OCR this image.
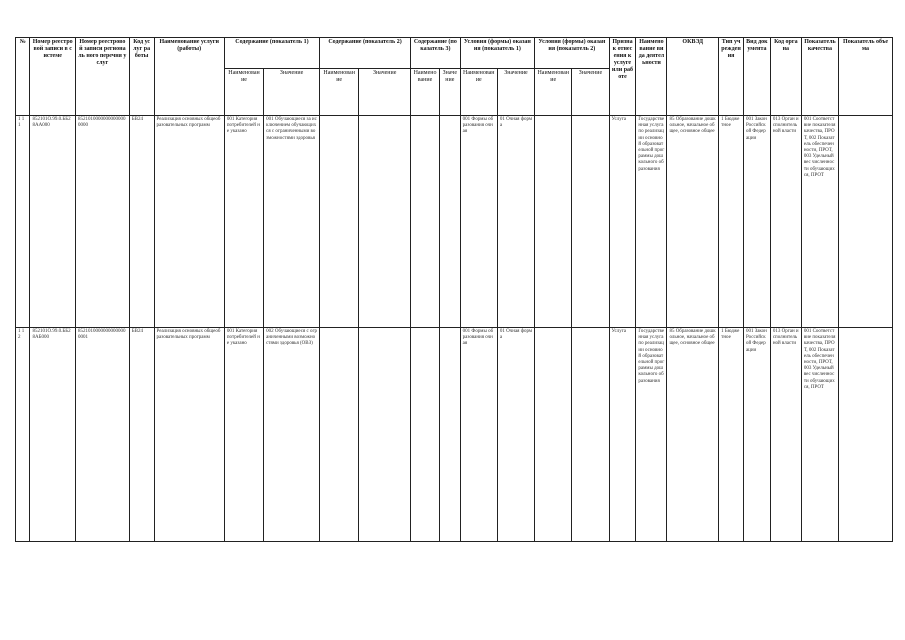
№	Номер реестровой записи в системе	Номер реестровой записи региональ ного перечня услуг	Код услуг работы	Наименование услуги (работы)	Содержание (показатель 1)		Содержание (показатель 2)		Содержание (показатель 3)		Условия (формы) оказания (показатель 1)		Условия (формы) оказания (показатель 2)		Признак отнесения к услуге или работе	Наименование вида деятельности	ОКВЭД	Тип учреждения	Вид документа	Код органа	Показатель качества	Показатель объема
					Наименование	Значение	Наименование	Значение	Наименование	Значение	Наименование	Значение	Наименование	Значение								
1 1 1	852101О.99.0.ББ28АА000	85210100000000000000000	БВ24	Реализация основных общеобразовательных программ	001 Категория потребителей не указано	001 Обучающиеся за исключением обучающихся с ограниченными возможностями здоровья					001 Формы образования очная	01 Очная форма			Услуга	Государственная услуга по реализации основной образовательной программы дошкольного образования	85 Образование дошкольное, начальное общее, основное общее	1 Бюджетное	001 Закон Российской Федерации	013 Орган исполнительной власти	001 Соответствие показателя качества, ПРОТ, 002 Показатель обеспеченности, ПРОТ, 003 Удельный вес численности обучающихся, ПРОТ	
1 1 2	852101О.99.0.ББ28АБ000	85210100000000000000001	БВ24	Реализация основных общеобразовательных программ	001 Категория потребителей не указано	002 Обучающиеся с ограниченными возможностями здоровья (ОВЗ)					001 Формы образования очная	01 Очная форма			Услуга	Государственная услуга по реализации основной образовательной программы дошкольного образования	85 Образование дошкольное, начальное общее, основное общее	1 Бюджетное	001 Закон Российской Федерации	013 Орган исполнительной власти	001 Соответствие показателя качества, ПРОТ, 002 Показатель обеспеченности, ПРОТ, 003 Удельный вес численности обучающихся, ПРОТ	
